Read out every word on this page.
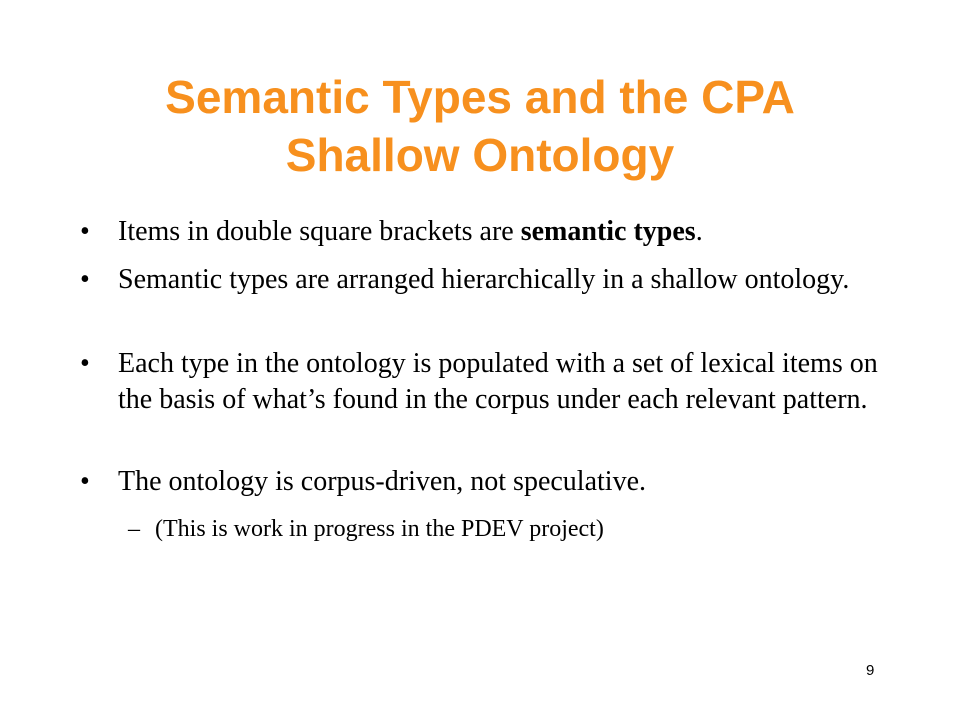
Semantic Types and the CPA
Shallow Ontology
• Items in double square brackets are semantic types.
• Semantic types are arranged hierarchically in a shallow ontology.
• Each type in the ontology is populated with a set of lexical items on the basis of what’s found in the corpus under each relevant pattern.
• The ontology is corpus-driven, not speculative.
– (This is work in progress in the PDEV project)
9
